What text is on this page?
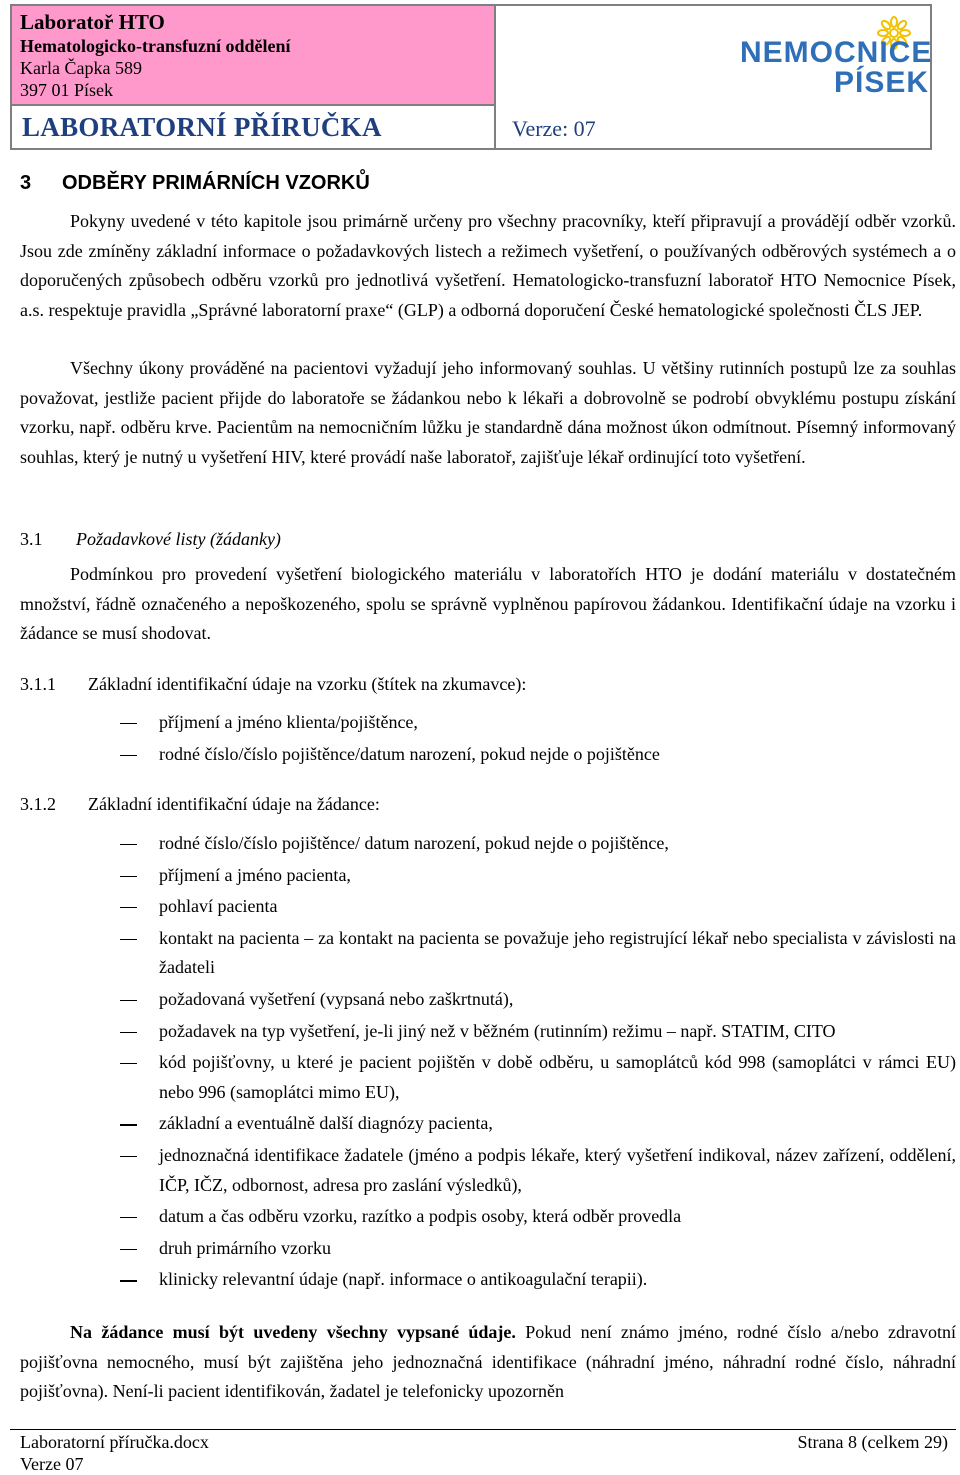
Laboratoř HTO
Hematologicko-transfuzní oddělení
Karla Čapka 589
397 01 Písek
LABORATORNÍ PŘÍRUČKA	Verze: 07
NEMOCNICE
PÍSEK
3 ODBĚRY PRIMÁRNÍCH VZORKŮ
Pokyny uvedené v této kapitole jsou primárně určeny pro všechny pracovníky, kteří připravují a provádějí odběr vzorků. Jsou zde zmíněny základní informace o požadavkových listech a režimech vyšetření, o používaných odběrových systémech a o doporučených způsobech odběru vzorků pro jednotlivá vyšetření. Hematologicko-transfuzní laboratoř HTO Nemocnice Písek, a.s. respektuje pravidla „Správné laboratorní praxe“ (GLP) a odborná doporučení České hematologické společnosti ČLS JEP.
Všechny úkony prováděné na pacientovi vyžadují jeho informovaný souhlas. U většiny rutinních postupů lze za souhlas považovat, jestliže pacient přijde do laboratoře se žádankou nebo k lékaři a dobrovolně se podrobí obvyklému postupu získání vzorku, např. odběru krve. Pacientům na nemocničním lůžku je standardně dána možnost úkon odmítnout. Písemný informovaný souhlas, který je nutný u vyšetření HIV, které provádí naše laboratoř, zajišťuje lékař ordinující toto vyšetření.
3.1 Požadavkové listy (žádanky)
Podmínkou pro provedení vyšetření biologického materiálu v laboratořích HTO je dodání materiálu v dostatečném množství, řádně označeného a nepoškozeného, spolu se správně vyplněnou papírovou žádankou. Identifikační údaje na vzorku i žádance se musí shodovat.
3.1.1 Základní identifikační údaje na vzorku (štítek na zkumavce):
příjmení a jméno klienta/pojištěnce,
rodné číslo/číslo pojištěnce/datum narození, pokud nejde o pojištěnce
3.1.2 Základní identifikační údaje na žádance:
rodné číslo/číslo pojištěnce/ datum narození, pokud nejde o pojištěnce,
příjmení a jméno pacienta,
pohlaví pacienta
kontakt na pacienta – za kontakt na pacienta se považuje jeho registrující lékař nebo specialista v závislosti na žadateli
požadovaná vyšetření (vypsaná nebo zaškrtnutá),
požadavek na typ vyšetření, je-li jiný než v běžném (rutinním) režimu – např. STATIM, CITO
kód pojišťovny, u které je pacient pojištěn v době odběru, u samoplátců kód 998 (samoplátci v rámci EU) nebo 996 (samoplátci mimo EU),
základní a eventuálně další diagnózy pacienta,
jednoznačná identifikace žadatele (jméno a podpis lékaře, který vyšetření indikoval, název zařízení, oddělení, IČP, IČZ, odbornost, adresa pro zaslání výsledků),
datum a čas odběru vzorku, razítko a podpis osoby, která odběr provedla
druh primárního vzorku
klinicky relevantní údaje (např. informace o antikoagulační terapii).
Na žádance musí být uvedeny všechny vypsané údaje. Pokud není známo jméno, rodné číslo a/nebo zdravotní pojišťovna nemocného, musí být zajištěna jeho jednoznačná identifikace (náhradní jméno, náhradní rodné číslo, náhradní pojišťovna). Není-li pacient identifikován, žadatel je telefonicky upozorněn
Laboratorní příručka.docx
Verze 07
Strana 8 (celkem 29)
